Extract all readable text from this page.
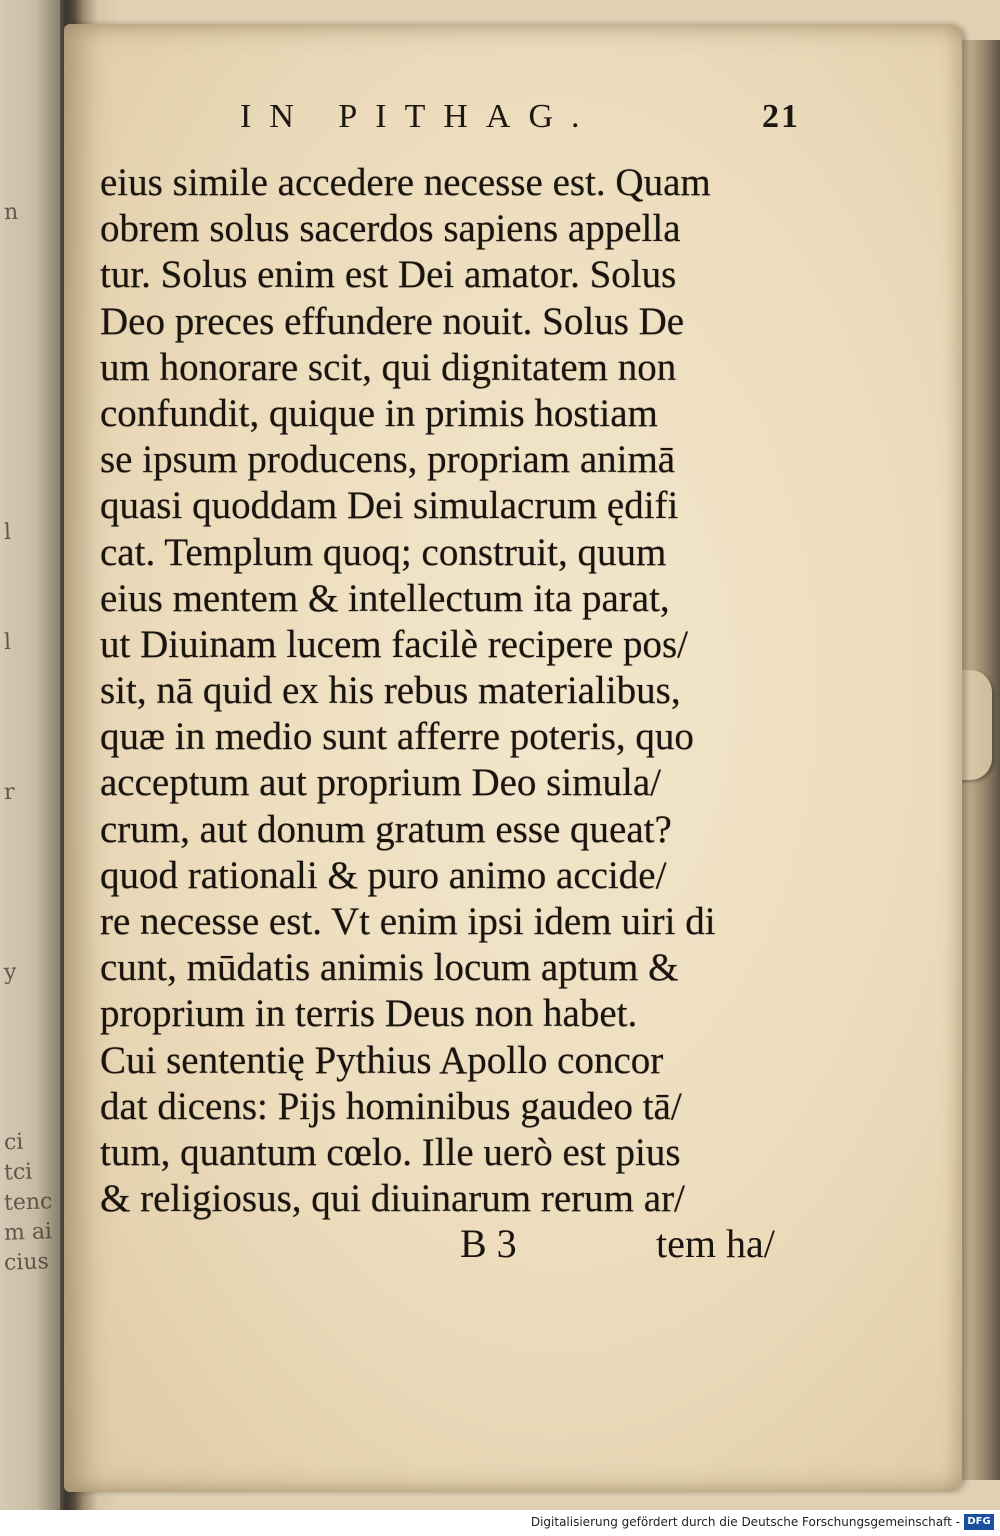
n
l
l
r
y
ci
tci
tenc
m ai
cius
IN PITHAG.	21
eius simile accedere necesse est. Quam
obrem solus sacerdos sapiens appella
tur. Solus enim est Dei amator. Solus
Deo preces effundere nouit. Solus De
um honorare scit, qui dignitatem non
confundit, quique in primis hostiam
se ipsum producens, propriam animā
quasi quoddam Dei simulacrum ędifi
cat. Templum quoq; construit, quum
eius mentem & intellectum ita parat,
ut Diuinam lucem facilè recipere pos/
sit, nā quid ex his rebus materialibus,
quæ in medio sunt afferre poteris, quo
acceptum aut proprium Deo simula/
crum, aut donum gratum esse queat?
quod rationali & puro animo accide/
re necesse est. Vt enim ipsi idem uiri di
cunt, mūdatis animis locum aptum &
proprium in terris Deus non habet.
Cui sententię Pythius Apollo concor
dat dicens: Pijs hominibus gaudeo tā/
tum, quantum cœlo. Ille uerò est pius
& religiosus, qui diuinarum rerum ar/
B 3	tem ha/
Digitalisierung gefördert durch die Deutsche Forschungsgemeinschaft - DFG
